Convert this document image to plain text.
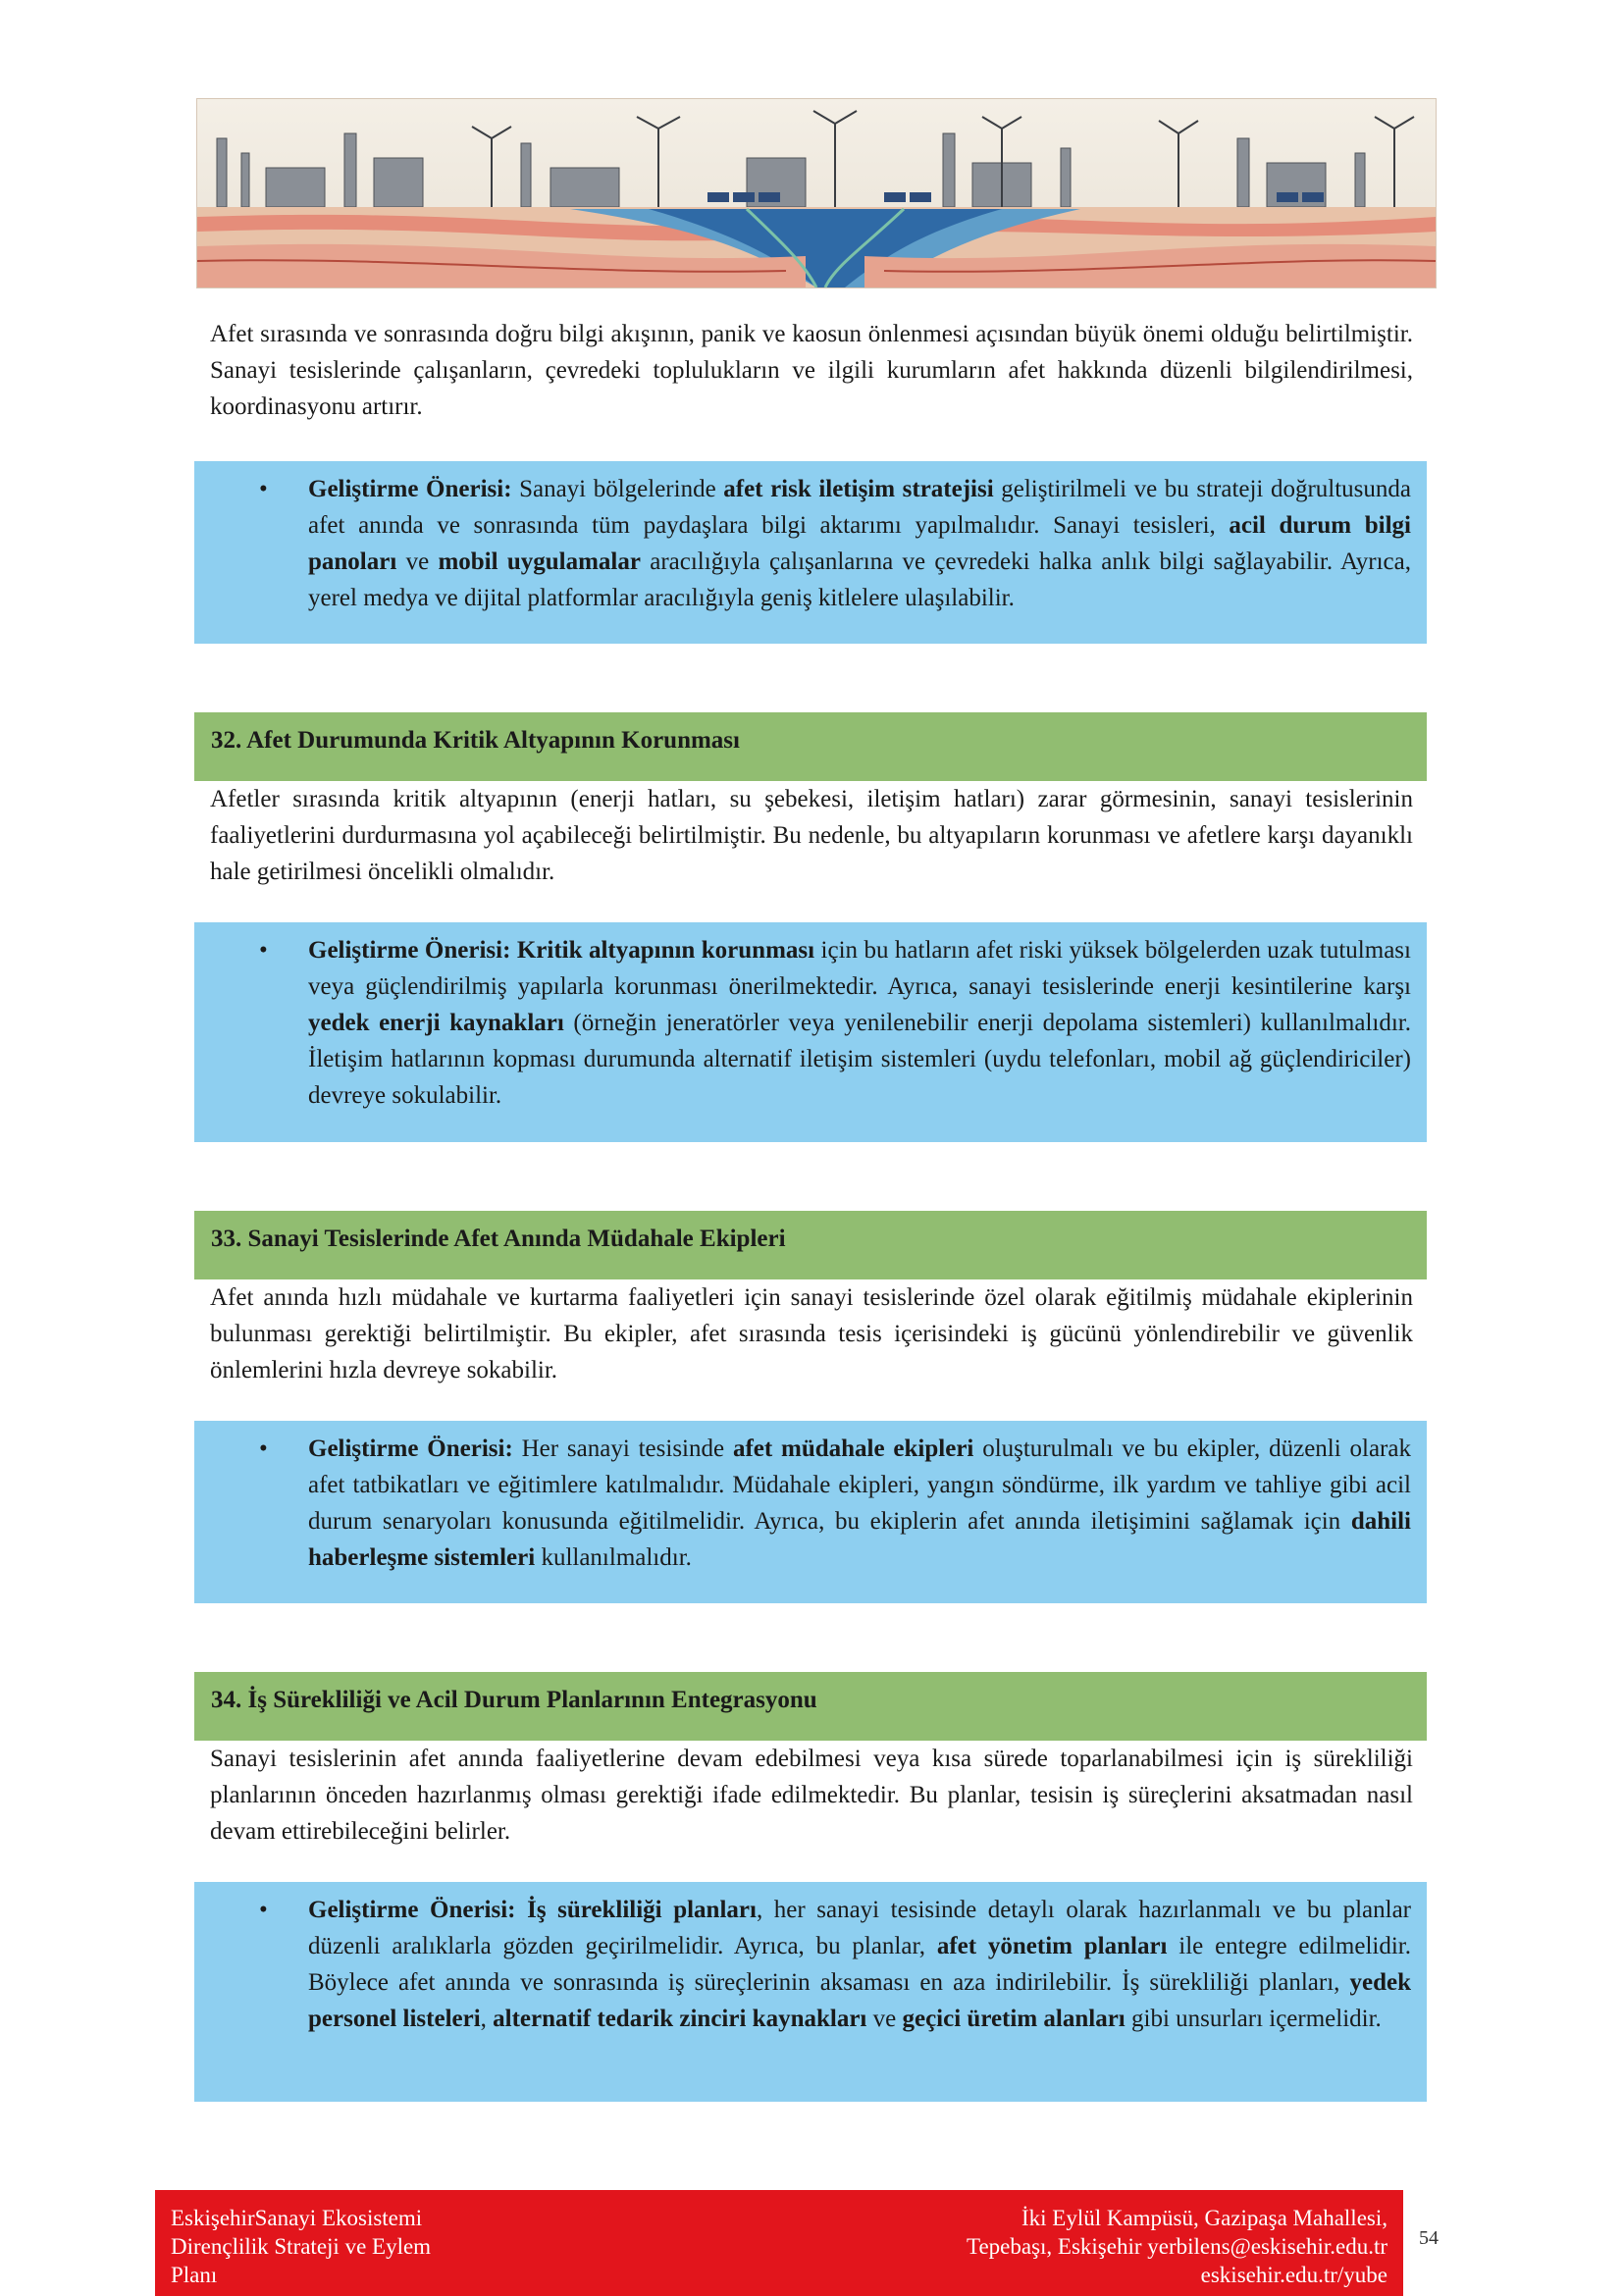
Afet sırasında ve sonrasında doğru bilgi akışının, panik ve kaosun önlenmesi açısından büyük önemi olduğu belirtilmiştir. Sanayi tesislerinde çalışanların, çevredeki toplulukların ve ilgili kurumların afet hakkında düzenli bilgilendirilmesi, koordinasyonu artırır.

• Geliştirme Önerisi: Sanayi bölgelerinde afet risk iletişim stratejisi geliştirilmeli ve bu strateji doğrultusunda afet anında ve sonrasında tüm paydaşlara bilgi aktarımı yapılmalıdır. Sanayi tesisleri, acil durum bilgi panoları ve mobil uygulamalar aracılığıyla çalışanlarına ve çevredeki halka anlık bilgi sağlayabilir. Ayrıca, yerel medya ve dijital platformlar aracılığıyla geniş kitlelere ulaşılabilir.
32. Afet Durumunda Kritik Altyapının Korunması

Afetler sırasında kritik altyapının (enerji hatları, su şebekesi, iletişim hatları) zarar görmesinin, sanayi tesislerinin faaliyetlerini durdurmasına yol açabileceği belirtilmiştir. Bu nedenle, bu altyapıların korunması ve afetlere karşı dayanıklı hale getirilmesi öncelikli olmalıdır.

• Geliştirme Önerisi: Kritik altyapının korunması için bu hatların afet riski yüksek bölgelerden uzak tutulması veya güçlendirilmiş yapılarla korunması önerilmektedir. Ayrıca, sanayi tesislerinde enerji kesintilerine karşı yedek enerji kaynakları (örneğin jeneratörler veya yenilenebilir enerji depolama sistemleri) kullanılmalıdır. İletişim hatlarının kopması durumunda alternatif iletişim sistemleri (uydu telefonları, mobil ağ güçlendiriciler) devreye sokulabilir.
33. Sanayi Tesislerinde Afet Anında Müdahale Ekipleri

Afet anında hızlı müdahale ve kurtarma faaliyetleri için sanayi tesislerinde özel olarak eğitilmiş müdahale ekiplerinin bulunması gerektiği belirtilmiştir. Bu ekipler, afet sırasında tesis içerisindeki iş gücünü yönlendirebilir ve güvenlik önlemlerini hızla devreye sokabilir.

• Geliştirme Önerisi: Her sanayi tesisinde afet müdahale ekipleri oluşturulmalı ve bu ekipler, düzenli olarak afet tatbikatları ve eğitimlere katılmalıdır. Müdahale ekipleri, yangın söndürme, ilk yardım ve tahliye gibi acil durum senaryoları konusunda eğitilmelidir. Ayrıca, bu ekiplerin afet anında iletişimini sağlamak için dahili haberleşme sistemleri kullanılmalıdır.
34. İş Sürekliliği ve Acil Durum Planlarının Entegrasyonu

Sanayi tesislerinin afet anında faaliyetlerine devam edebilmesi veya kısa sürede toparlanabilmesi için iş sürekliliği planlarının önceden hazırlanmış olması gerektiği ifade edilmektedir. Bu planlar, tesisin iş süreçlerini aksatmadan nasıl devam ettirebileceğini belirler.

• Geliştirme Önerisi: İş sürekliliği planları, her sanayi tesisinde detaylı olarak hazırlanmalı ve bu planlar düzenli aralıklarla gözden geçirilmelidir. Ayrıca, bu planlar, afet yönetim planları ile entegre edilmelidir. Böylece afet anında ve sonrasında iş süreçlerinin aksaması en aza indirilebilir. İş sürekliliği planları, yedek personel listeleri, alternatif tedarik zinciri kaynakları ve geçici üretim alanları gibi unsurları içermelidir.
EskişehirSanayi Ekosistemi
Dirençlilik Strateji ve Eylem
Planı
İki Eylül Kampüsü, Gazipaşa Mahallesi,
Tepebaşı, Eskişehir yerbilens@eskisehir.edu.tr
eskisehir.edu.tr/yube
54
